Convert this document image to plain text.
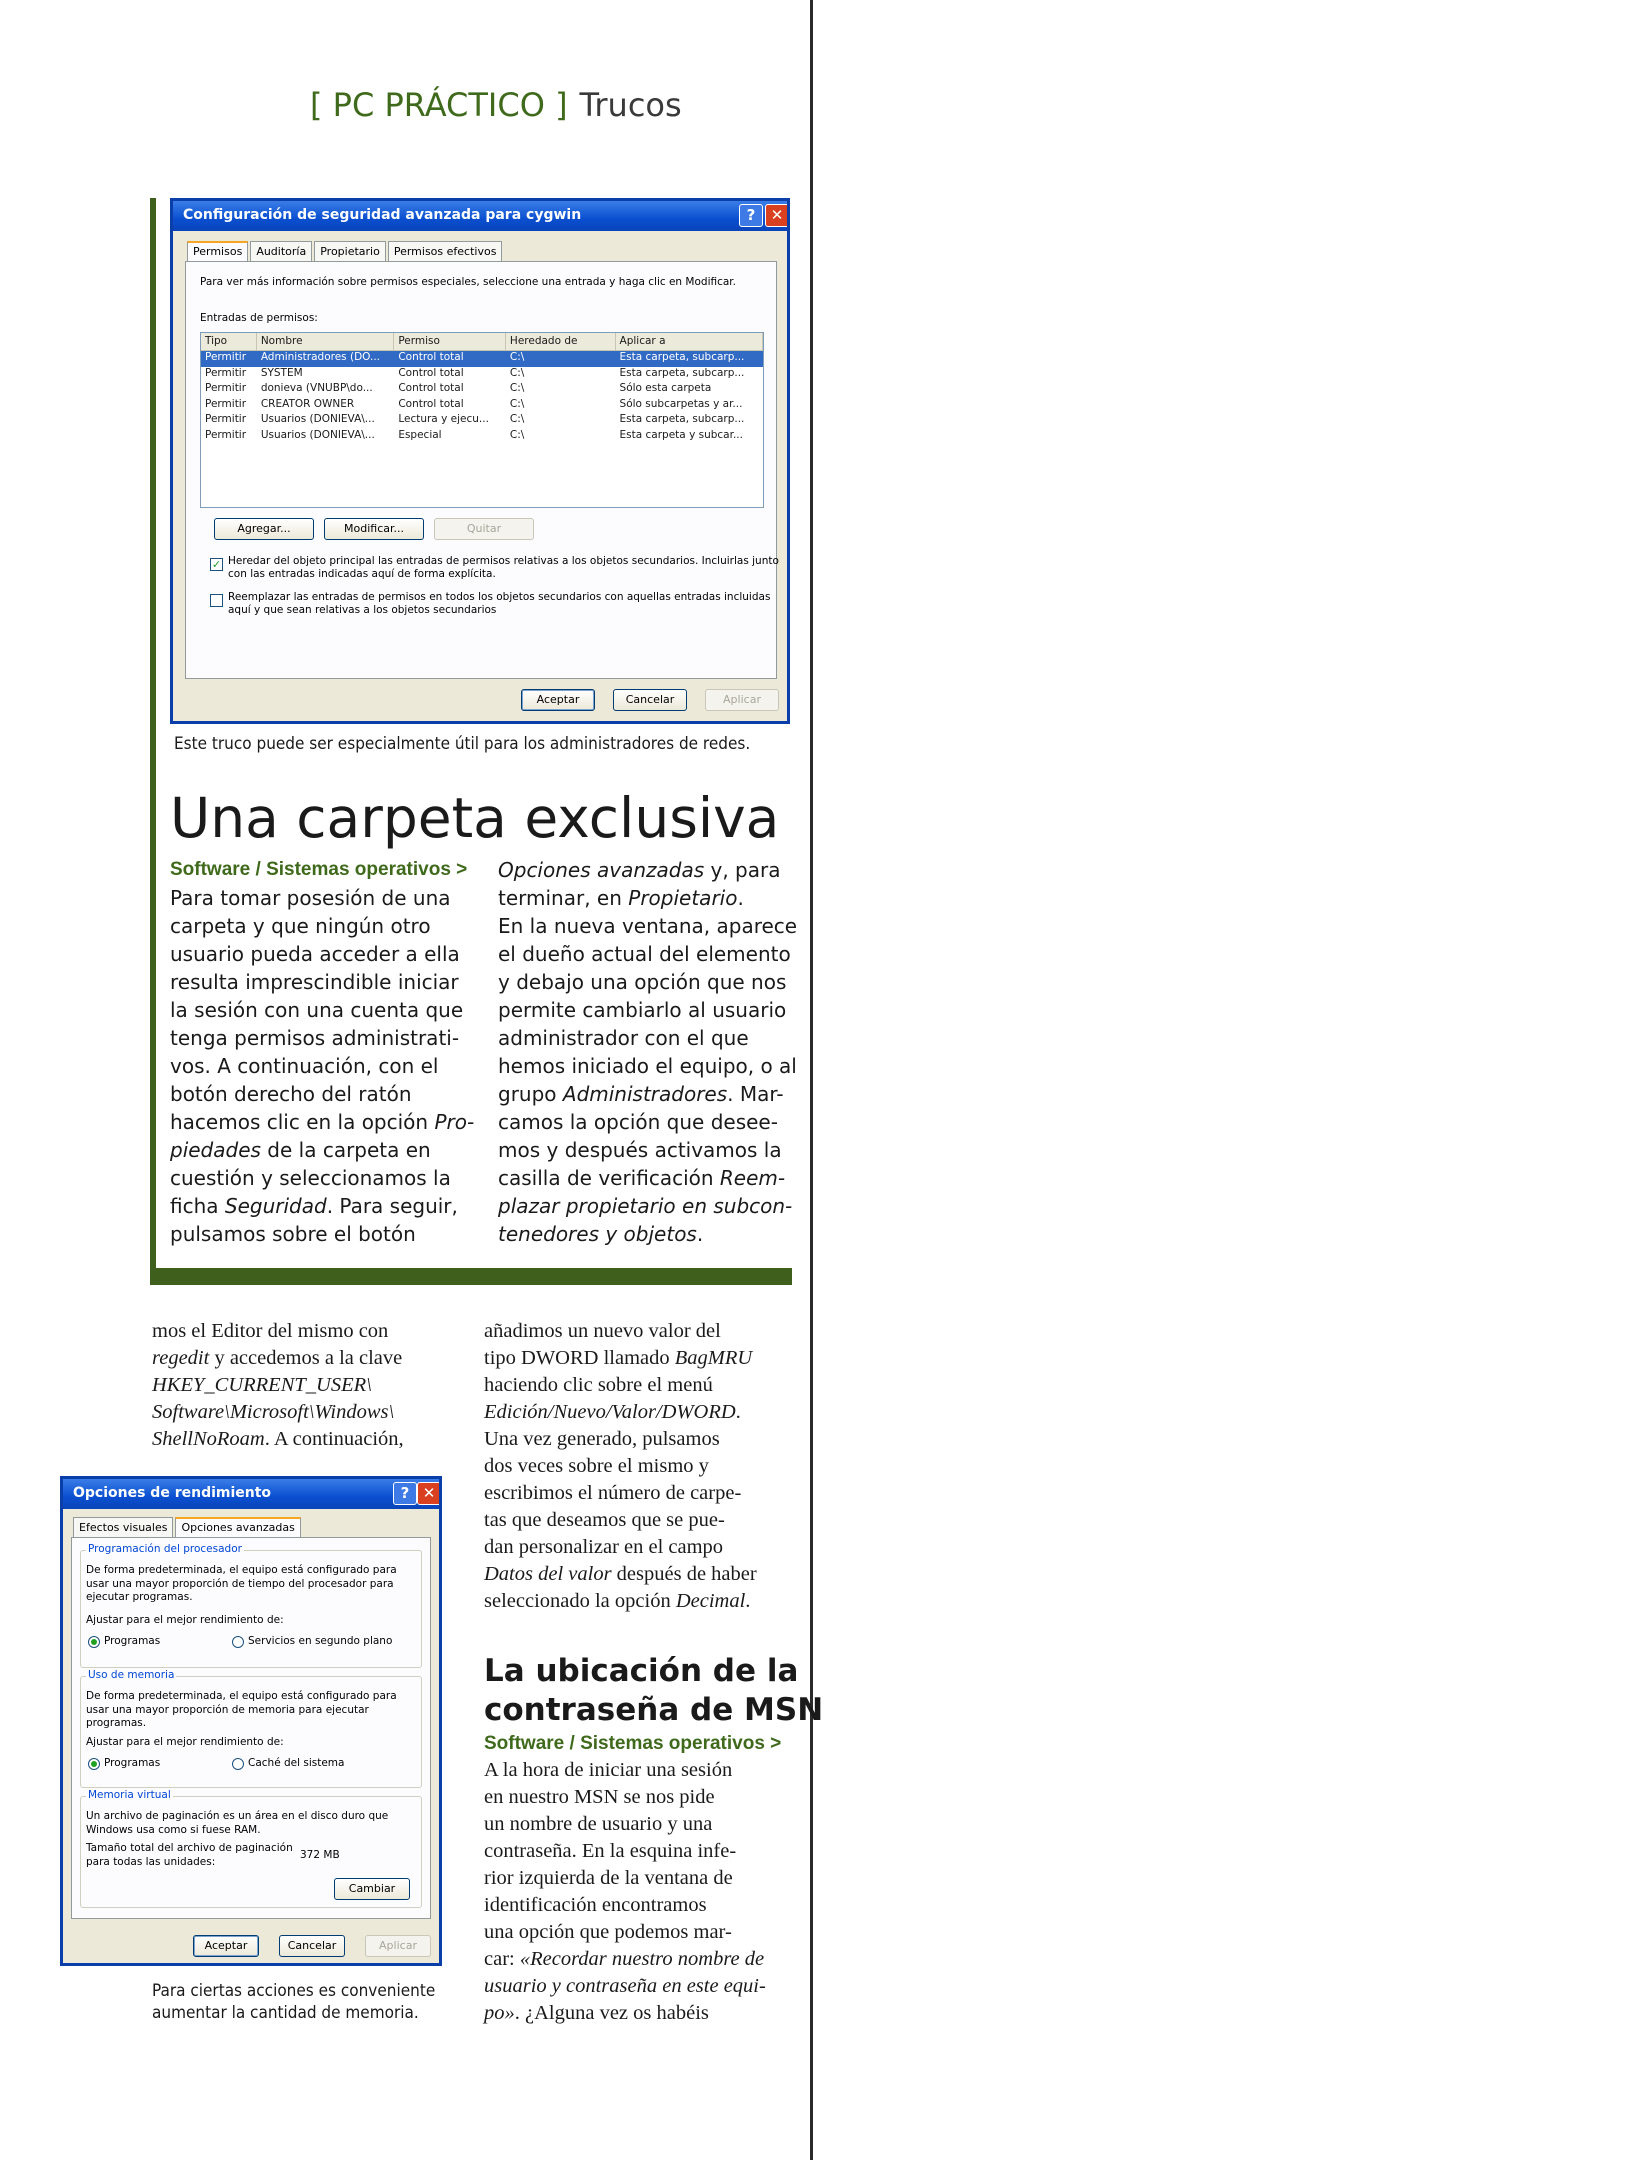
[ PC PRÁCTICO ] Trucos
Configuración de seguridad avanzada para cygwin	?	✕
Permisos	Auditoría	Propietario	Permisos efectivos
Para ver más información sobre permisos especiales, seleccione una entrada y haga clic en Modificar.
Entradas de permisos:
Tipo	Nombre	Permiso	Heredado de	Aplicar a
Permitir	Administradores (DO...	Control total	C:\	Esta carpeta, subcarp...
Permitir	SYSTEM	Control total	C:\	Esta carpeta, subcarp...
Permitir	donieva (VNUBP\do...	Control total	C:\	Sólo esta carpeta
Permitir	CREATOR OWNER	Control total	C:\	Sólo subcarpetas y ar...
Permitir	Usuarios (DONIEVA\...	Lectura y ejecu...	C:\	Esta carpeta, subcarp...
Permitir	Usuarios (DONIEVA\...	Especial	C:\	Esta carpeta y subcar...
Agregar...	Modificar...	Quitar
✓ Heredar del objeto principal las entradas de permisos relativas a los objetos secundarios. Incluirlas junto
con las entradas indicadas aquí de forma explícita.
Reemplazar las entradas de permisos en todos los objetos secundarios con aquellas entradas incluidas
aquí y que sean relativas a los objetos secundarios
Aceptar	Cancelar	Aplicar
Este truco puede ser especialmente útil para los administradores de redes.
Una carpeta exclusiva
Software / Sistemas operativos >
Para tomar posesión de una
carpeta y que ningún otro
usuario pueda acceder a ella
resulta imprescindible iniciar
la sesión con una cuenta que
tenga permisos administrati-
vos. A continuación, con el
botón derecho del ratón
hacemos clic en la opción Pro-
piedades de la carpeta en
cuestión y seleccionamos la
ficha Seguridad. Para seguir,
pulsamos sobre el botón
Opciones avanzadas y, para
terminar, en Propietario.
En la nueva ventana, aparece
el dueño actual del elemento
y debajo una opción que nos
permite cambiarlo al usuario
administrador con el que
hemos iniciado el equipo, o al
grupo Administradores. Mar-
camos la opción que desee-
mos y después activamos la
casilla de verificación Reem-
plazar propietario en subcon-
tenedores y objetos.
mos el Editor del mismo con
regedit y accedemos a la clave
HKEY_CURRENT_USER\
Software\Microsoft\Windows\
ShellNoRoam. A continuación,
Opciones de rendimiento	? ✕
Efectos visuales	Opciones avanzadas
Programación del procesador
De forma predeterminada, el equipo está configurado para
usar una mayor proporción de tiempo del procesador para
ejecutar programas.
Ajustar para el mejor rendimiento de:
Programas	Servicios en segundo plano
Uso de memoria
De forma predeterminada, el equipo está configurado para
usar una mayor proporción de memoria para ejecutar
programas.
Ajustar para el mejor rendimiento de:
Programas	Caché del sistema
Memoria virtual
Un archivo de paginación es un área en el disco duro que
Windows usa como si fuese RAM.
Tamaño total del archivo de paginación
para todas las unidades:
372 MB
Cambiar
Aceptar	Cancelar	Aplicar
Para ciertas acciones es conveniente
aumentar la cantidad de memoria.
añadimos un nuevo valor del
tipo DWORD llamado BagMRU
haciendo clic sobre el menú
Edición/Nuevo/Valor/DWORD.
Una vez generado, pulsamos
dos veces sobre el mismo y
escribimos el número de carpe-
tas que deseamos que se pue-
dan personalizar en el campo
Datos del valor después de haber
seleccionado la opción Decimal.
La ubicación de la
contraseña de MSN
Software / Sistemas operativos >
A la hora de iniciar una sesión
en nuestro MSN se nos pide
un nombre de usuario y una
contraseña. En la esquina infe-
rior izquierda de la ventana de
identificación encontramos
una opción que podemos mar-
car: «Recordar nuestro nombre de
usuario y contraseña en este equi-
po». ¿Alguna vez os habéis
